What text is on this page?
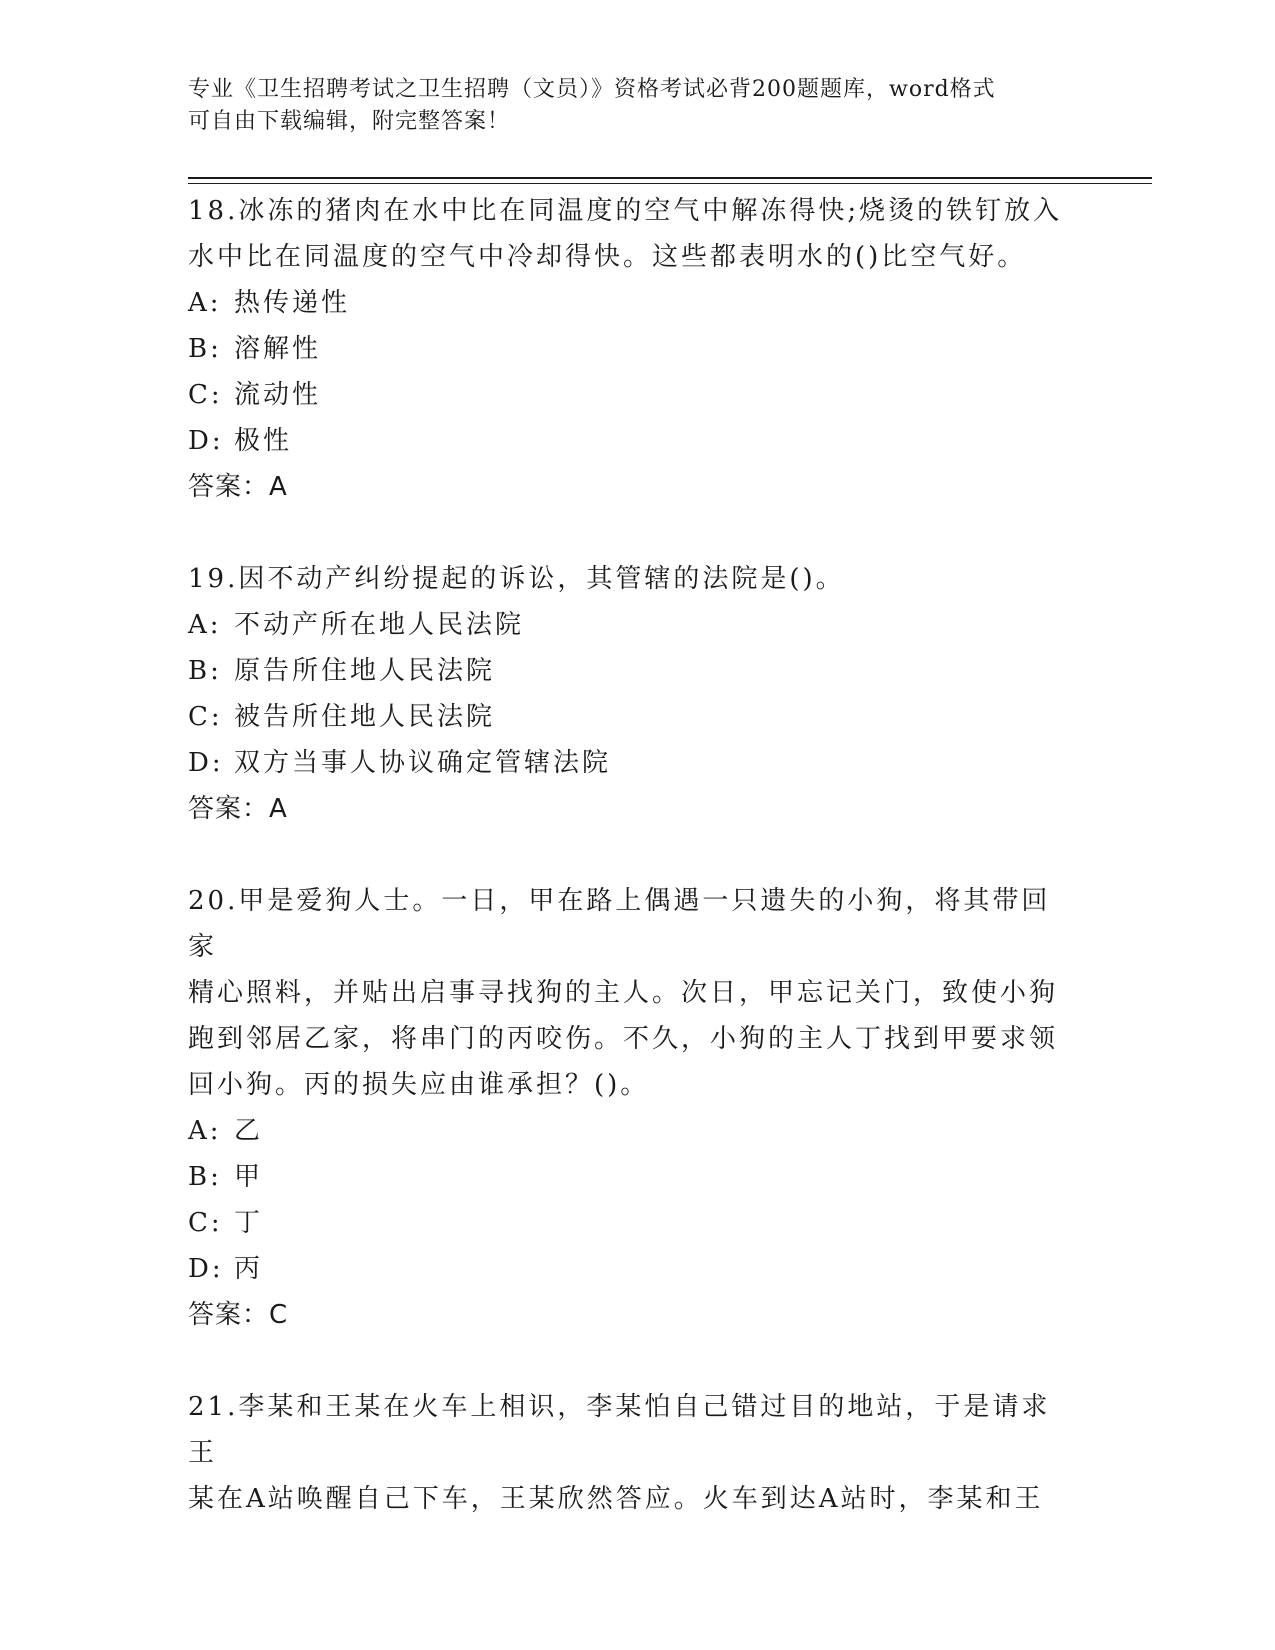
专业《卫生招聘考试之卫生招聘（文员）》资格考试必背200题题库，word格式
可自由下载编辑，附完整答案！

18.冰冻的猪肉在水中比在同温度的空气中解冻得快;烧烫的铁钉放入

水中比在同温度的空气中冷却得快。这些都表明水的()比空气好。

A: 热传递性

B: 溶解性

C: 流动性

D: 极性

答案：A

19.因不动产纠纷提起的诉讼，其管辖的法院是()。

A: 不动产所在地人民法院

B: 原告所住地人民法院

C: 被告所住地人民法院

D: 双方当事人协议确定管辖法院

答案：A

20.甲是爱狗人士。一日，甲在路上偶遇一只遗失的小狗，将其带回家

精心照料，并贴出启事寻找狗的主人。次日，甲忘记关门，致使小狗

跑到邻居乙家，将串门的丙咬伤。不久，小狗的主人丁找到甲要求领

回小狗。丙的损失应由谁承担？()。

A: 乙

B: 甲

C: 丁

D: 丙

答案：C

21.李某和王某在火车上相识，李某怕自己错过目的地站，于是请求王

某在A站唤醒自己下车，王某欣然答应。火车到达A站时，李某和王
